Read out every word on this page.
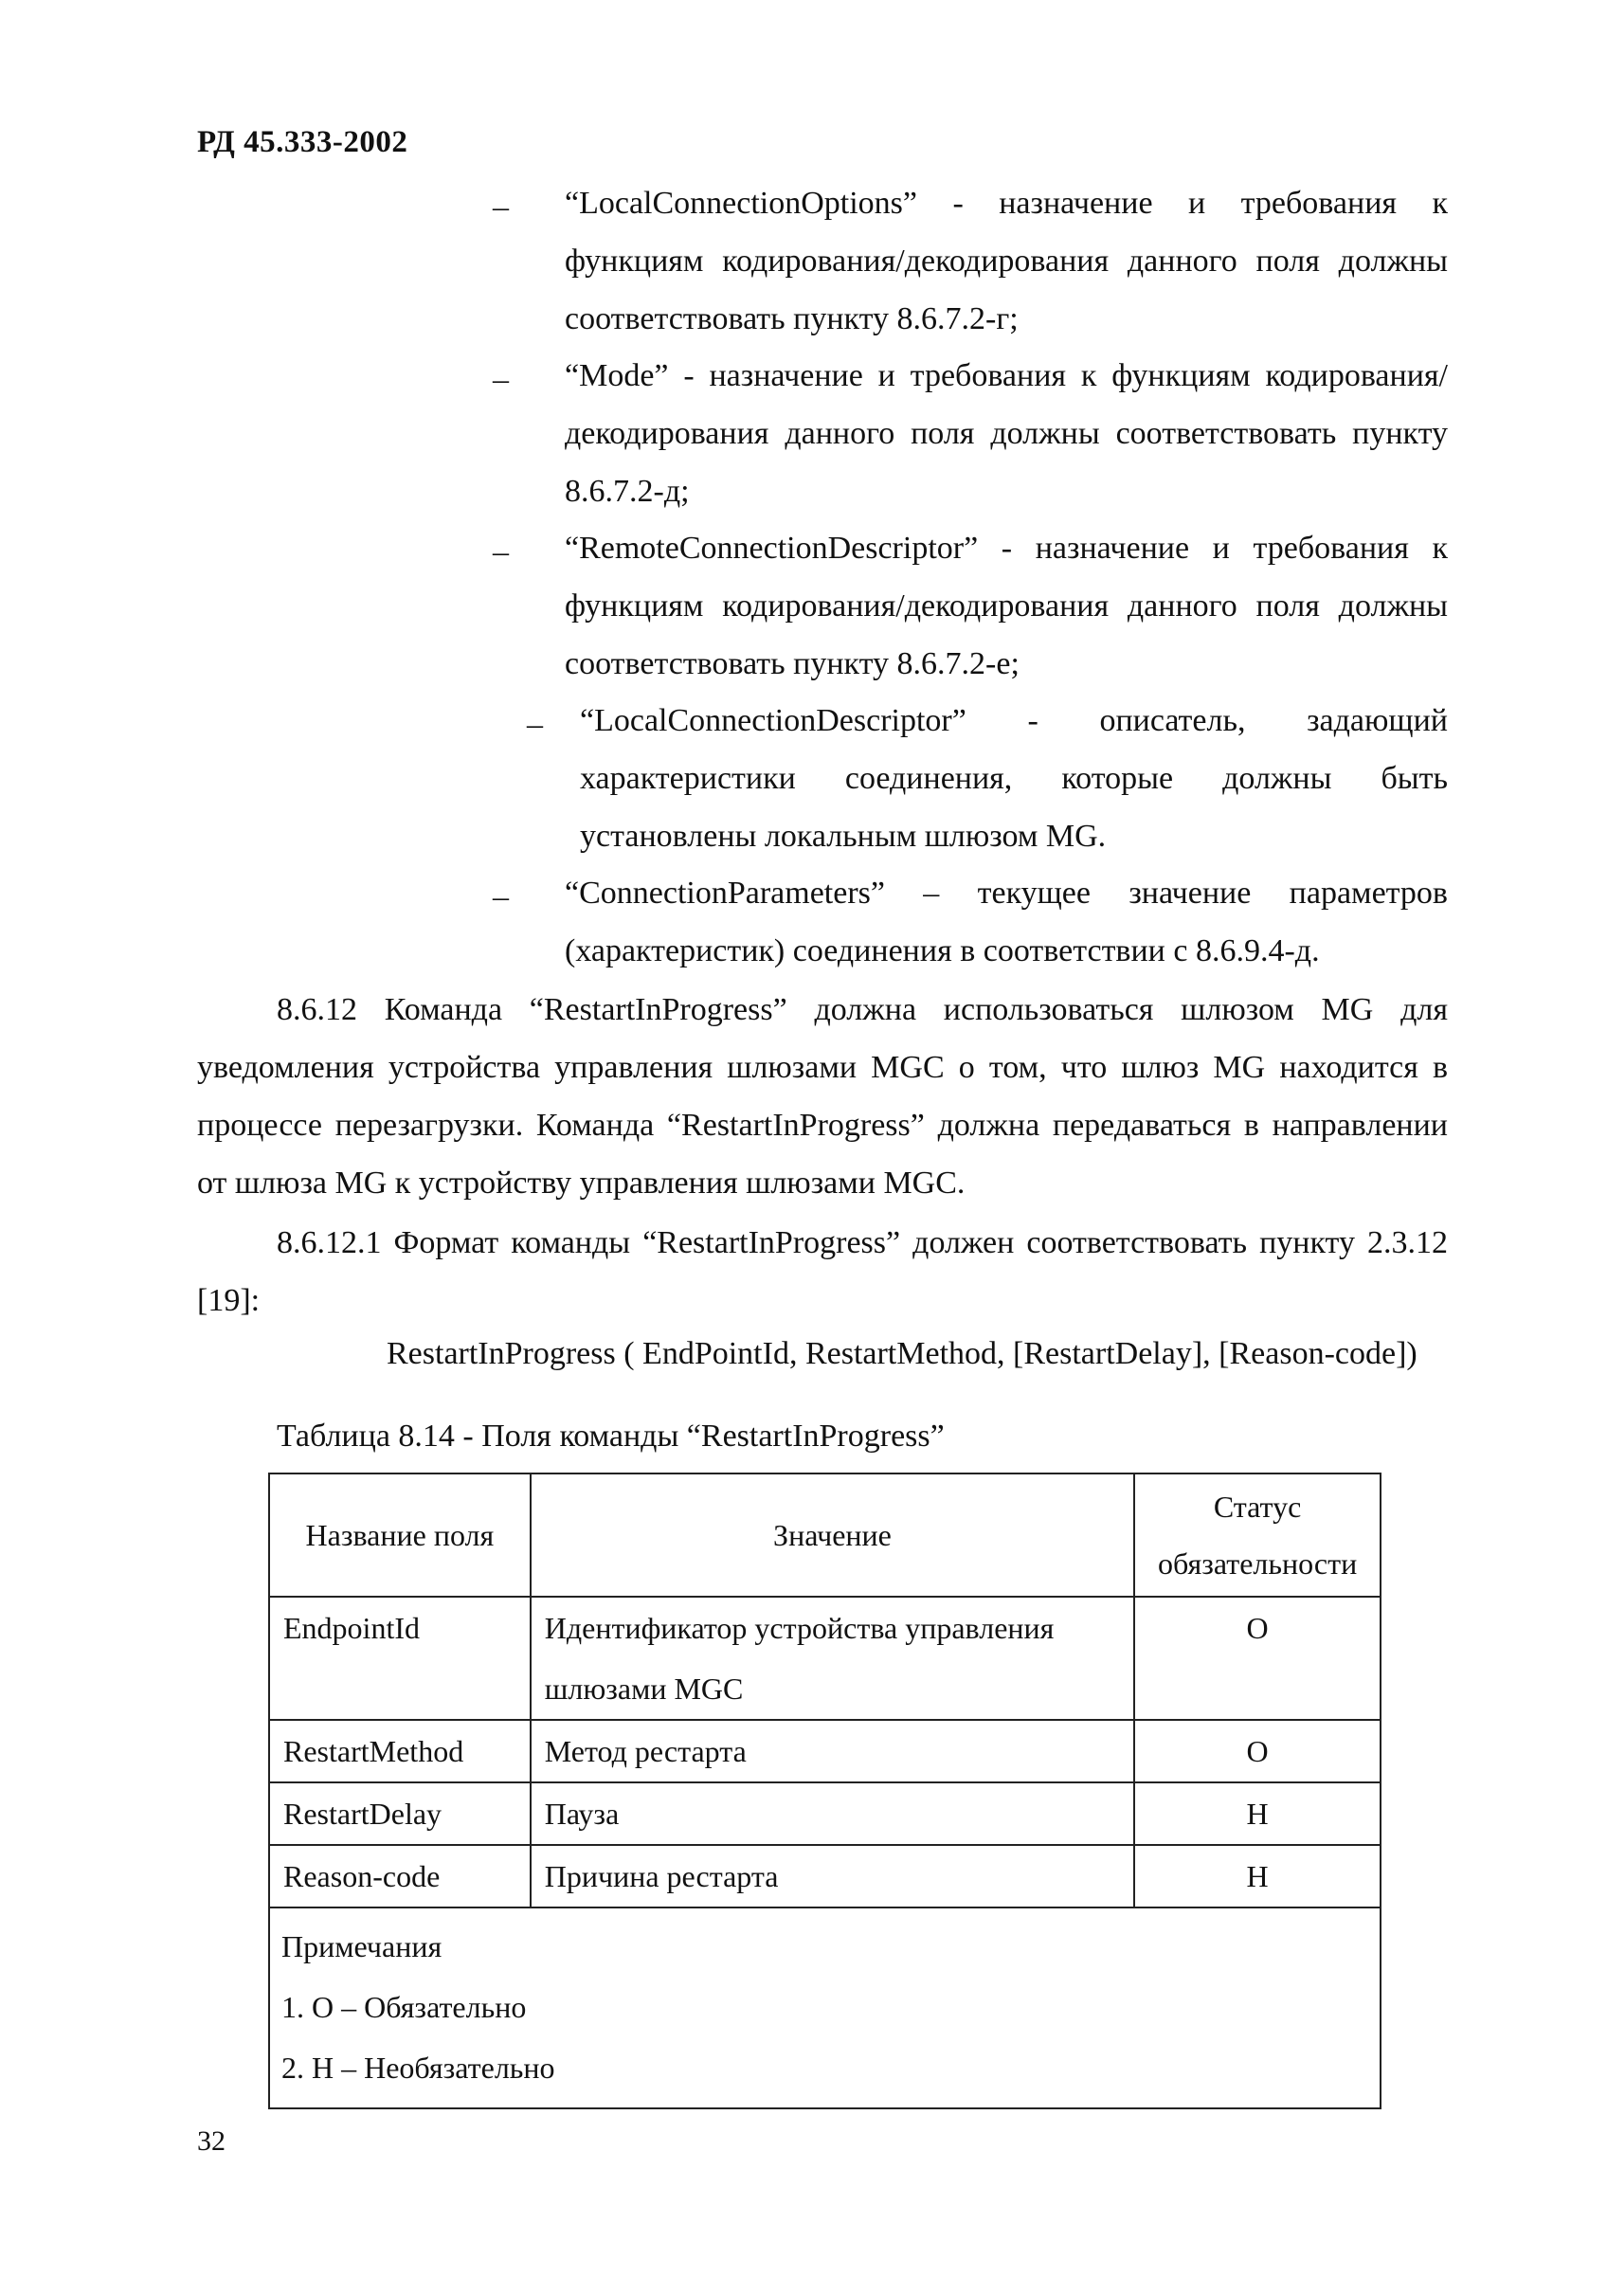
РД 45.333-2002
– “LocalConnectionOptions” - назначение и требования к функциям кодирования/декодирования данного поля должны соответствовать пункту 8.6.7.2-г;
– “Mode” - назначение и требования к функциям кодирования/декодирования данного поля должны соответствовать пункту 8.6.7.2-д;
– “RemoteConnectionDescriptor” - назначение и требования к функциям кодирования/декодирования данного поля должны соответствовать пункту 8.6.7.2-е;
– “LocalConnectionDescriptor” - описатель, задающий характеристики соединения, которые должны быть установлены локальным шлюзом MG.
– “ConnectionParameters” – текущее значение параметров (характеристик) соединения в соответствии с 8.6.9.4-д.
8.6.12 Команда “RestartInProgress” должна использоваться шлюзом MG для уведомления устройства управления шлюзами MGC о том, что шлюз MG находится в процессе перезагрузки. Команда “RestartInProgress” должна передаваться в направлении от шлюза MG к устройству управления шлюзами MGC.
8.6.12.1 Формат команды “RestartInProgress” должен соответствовать пункту 2.3.12 [19]:
RestartInProgress ( EndPointId, RestartMethod, [RestartDelay], [Reason-code])
Таблица 8.14 - Поля команды “RestartInProgress”
Название поля	Значение	Статус
обязательности

EndpointId	Идентификатор устройства управления шлюзами MGC	О
RestartMethod	Метод рестарта	О
RestartDelay	Пауза	Н
Reason-code	Причина рестарта	Н

Примечания
1. О – Обязательно
2. Н – Необязательно		
32
